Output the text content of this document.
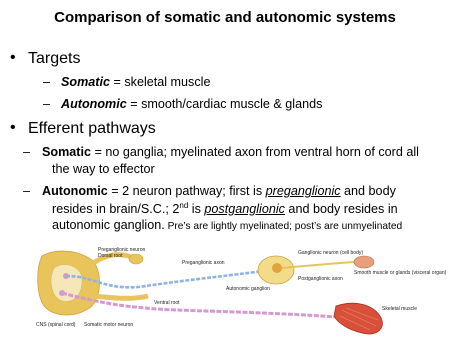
Comparison of somatic and autonomic systems
• Targets
– Somatic = skeletal muscle
– Autonomic = smooth/cardiac muscle & glands
• Efferent pathways
– Somatic = no ganglia; myelinated axon from ventral horn of cord all
the way to effector
– Autonomic = 2 neuron pathway; first is preganglionic and body
resides in brain/S.C.; 2nd is postganglionic and body resides in
autonomic ganglion. Pre’s are lightly myelinated; post’s are unmyelinated
Preganglionic neuron
Dorsal root
Preganglionic axon
Autonomic ganglion
Ganglionic neuron (cell body)
Postganglionic axon
Smooth muscle or glands (visceral organ)
Ventral root
CNS (spinal cord) Somatic motor neuron
Skeletal muscle
